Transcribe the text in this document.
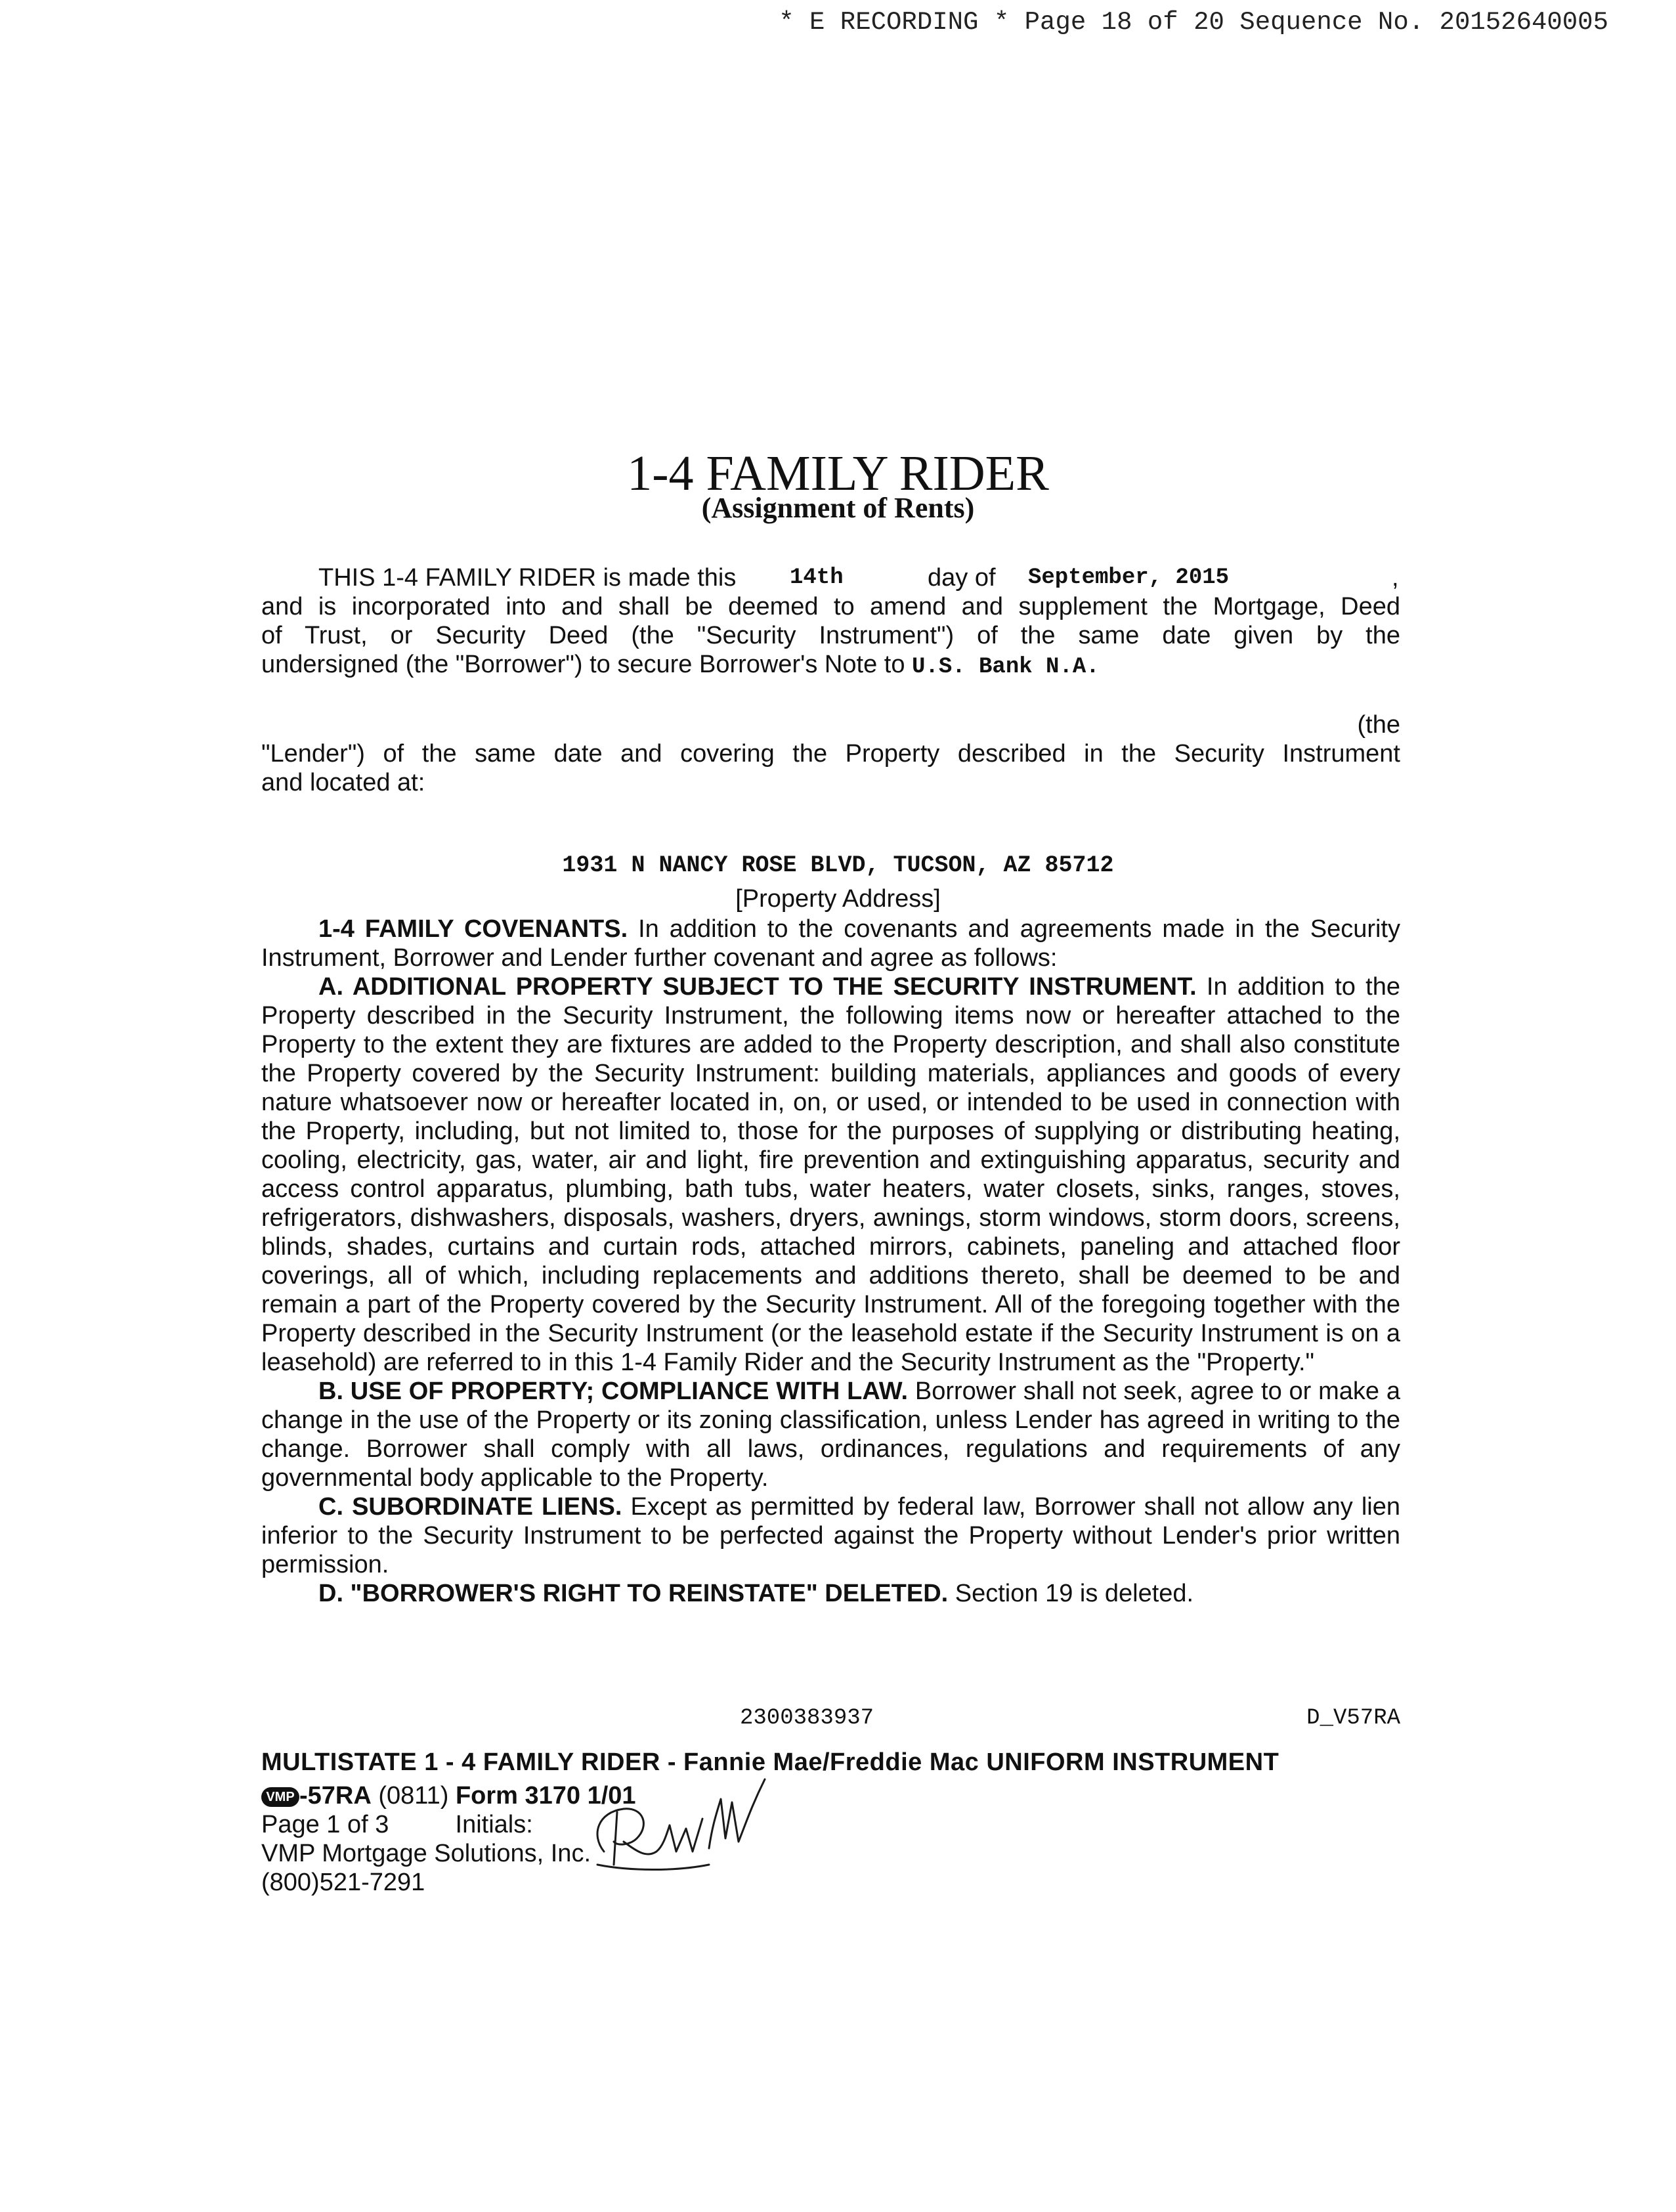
* E RECORDING * Page 18 of 20 Sequence No. 20152640005
1-4 FAMILY RIDER
(Assignment of Rents)
THIS 1-4 FAMILY RIDER is made this 14th	day of September, 2015	,
and is incorporated into and shall be deemed to amend and supplement the Mortgage, Deed
of Trust, or Security Deed (the "Security Instrument") of the same date given by the
undersigned (the "Borrower") to secure Borrower's Note to U.S. Bank N.A.
(the
"Lender") of the same date and covering the Property described in the Security Instrument
and located at:
1931 N NANCY ROSE BLVD, TUCSON, AZ 85712
[Property Address]

1-4 FAMILY COVENANTS. In addition to the covenants and agreements made in the Security Instrument, Borrower and Lender further covenant and agree as follows:

A. ADDITIONAL PROPERTY SUBJECT TO THE SECURITY INSTRUMENT. In addition to the Property described in the Security Instrument, the following items now or hereafter attached to the Property to the extent they are fixtures are added to the Property description, and shall also constitute the Property covered by the Security Instrument: building materials, appliances and goods of every nature whatsoever now or hereafter located in, on, or used, or intended to be used in connection with the Property, including, but not limited to, those for the purposes of supplying or distributing heating, cooling, electricity, gas, water, air and light, fire prevention and extinguishing apparatus, security and access control apparatus, plumbing, bath tubs, water heaters, water closets, sinks, ranges, stoves, refrigerators, dishwashers, disposals, washers, dryers, awnings, storm windows, storm doors, screens, blinds, shades, curtains and curtain rods, attached mirrors, cabinets, paneling and attached floor coverings, all of which, including replacements and additions thereto, shall be deemed to be and remain a part of the Property covered by the Security Instrument. All of the foregoing together with the Property described in the Security Instrument (or the leasehold estate if the Security Instrument is on a leasehold) are referred to in this 1-4 Family Rider and the Security Instrument as the "Property."

B. USE OF PROPERTY; COMPLIANCE WITH LAW. Borrower shall not seek, agree to or make a change in the use of the Property or its zoning classification, unless Lender has agreed in writing to the change. Borrower shall comply with all laws, ordinances, regulations and requirements of any governmental body applicable to the Property.

C. SUBORDINATE LIENS. Except as permitted by federal law, Borrower shall not allow any lien inferior to the Security Instrument to be perfected against the Property without Lender's prior written permission.

D. "BORROWER'S RIGHT TO REINSTATE" DELETED. Section 19 is deleted.

2300383937	D_V57RA
MULTISTATE 1 - 4 FAMILY RIDER - Fannie Mae/Freddie Mac UNIFORM INSTRUMENT
VMP -57RA (0811) Form 3170 1/01
Page 1 of 3	Initials:
VMP Mortgage Solutions, Inc.
(800)521-7291
